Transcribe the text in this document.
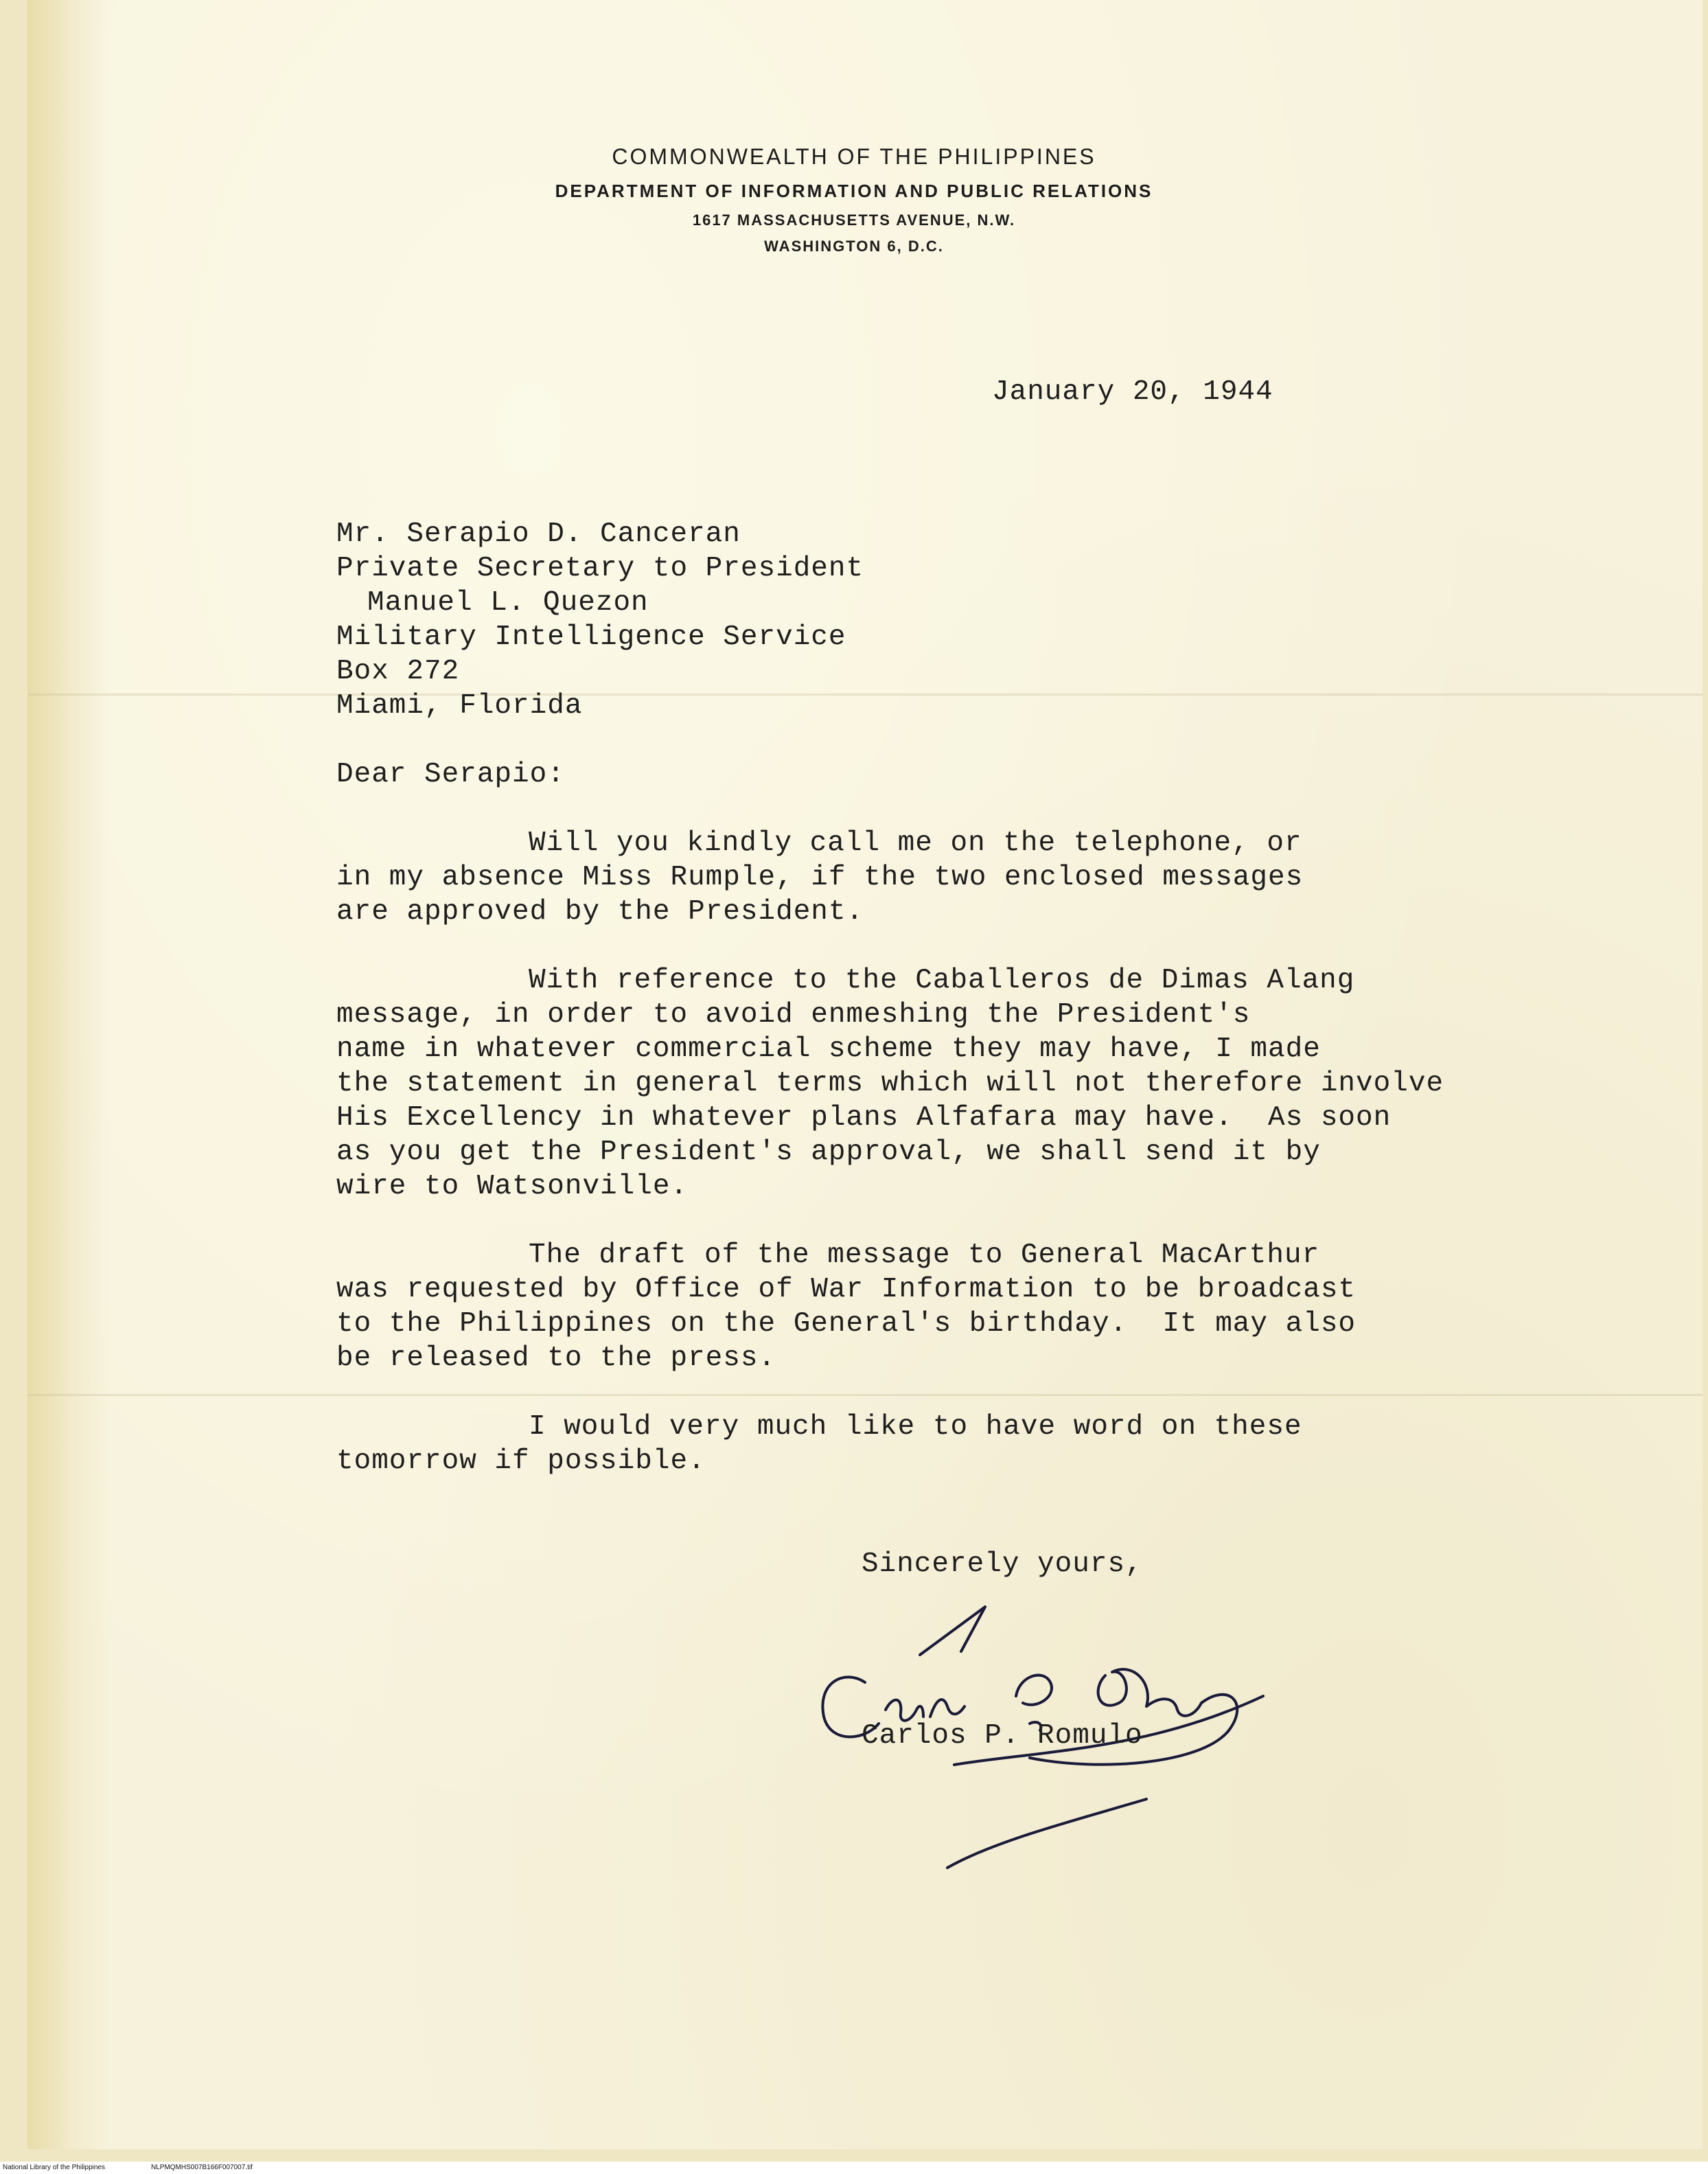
COMMONWEALTH OF THE PHILIPPINES
DEPARTMENT OF INFORMATION AND PUBLIC RELATIONS
1617 MASSACHUSETTS AVENUE, N.W.
WASHINGTON 6, D.C.
January 20, 1944
Mr. Serapio D. Canceran
Private Secretary to President
Manuel L. Quezon
Military Intelligence Service
Box 272
Miami, Florida
Dear Serapio:
Will you kindly call me on the telephone, or
in my absence Miss Rumple, if the two enclosed messages
are approved by the President.
With reference to the Caballeros de Dimas Alang
message, in order to avoid enmeshing the President's
name in whatever commercial scheme they may have, I made
the statement in general terms which will not therefore involve
His Excellency in whatever plans Alfafara may have.  As soon
as you get the President's approval, we shall send it by
wire to Watsonville.
The draft of the message to General MacArthur
was requested by Office of War Information to be broadcast
to the Philippines on the General's birthday.  It may also
be released to the press.
I would very much like to have word on these
tomorrow if possible.
Sincerely yours,
Carlos P. Romulo
National Library of the Philippines	NLPMQMHS007B166F007007.tif
